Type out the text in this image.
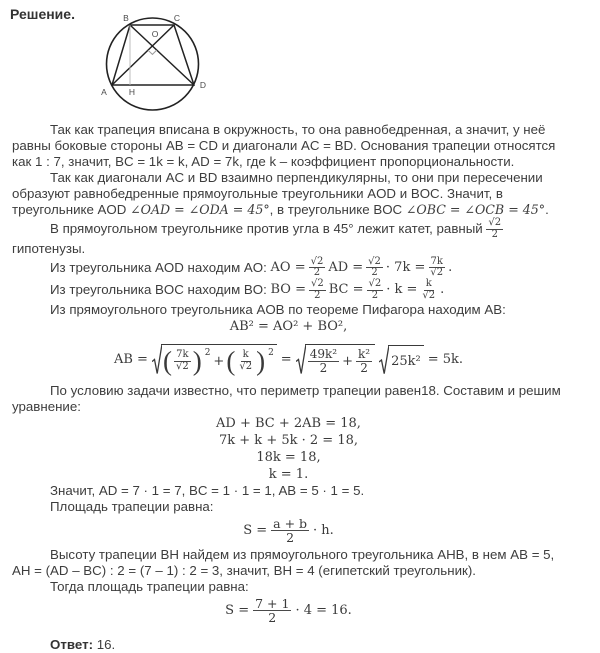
Решение.	B	C
A
D
H
O

Так как трапеция вписана в окружность, то она равнобедренная, а значит, у неё равны боковые стороны AB = CD и диагонали AC = BD. Основания трапеции относятся как 1 : 7, значит, BC = 1k = k, AD = 7k, где k – коэффициент пропорциональности.

Так как диагонали AC и BD взаимно перпендикулярны, то они при пересечении образуют равнобедренные прямоугольные треугольники AOD и BOC. Значит, в треугольнике AOD ∠OAD = ∠ODA = 45°, в треугольнике BOC ∠OBC = ∠OCB = 45°.

В прямоугольном треугольнике против угла в 45° лежит катет, равный $\frac{√2}{2}$
гипотенузы.

Из треугольника AOD находим AO: AO = $\frac{√2}{2}$ AD = $\frac{√2}{2} \cdot 7k = \frac{7k}{√2}$ .

Из треугольника BOC находим BO: BO = $\frac{√2}{2}$ BC = $\frac{√2}{2} \cdot k = \frac{k}{√2}$ .

Из прямоугольного треугольника AOB по теореме Пифагора находим AB:

AB² = AO² + BO²,
AB = ( $\frac{7k}{√2}$ ) 2
+ ( $\frac{k}{√2}$ ) $2 = \frac{\text{49k²}}{2} + \frac{\text{k²}}{2} 25k^2 = 5k$.

По условию задачи известно, что периметр трапеции равен18. Составим и решим уравнение:

AD + BC + 2AB = 18,
7k + k + 5k · 2 = 18,
18k = 18,
k = 1.

Значит, AD = 7 · 1 = 7, BC = 1 · 1 = 1, AB = 5 · 1 = 5.

Площадь трапеции равна:

$S = \frac{a + b}{2} \cdot h$.

Высоту трапеции BH найдем из прямоугольного треугольника AHB, в нем AB = 5, AH = (AD – BC) : 2 = (7 – 1) : 2 = 3, значит, BH = 4 (египетский треугольник).

Тогда площадь трапеции равна:

$S = \frac{7 + 1}{2} \cdot 4 = 16$.

Ответ: 16.
